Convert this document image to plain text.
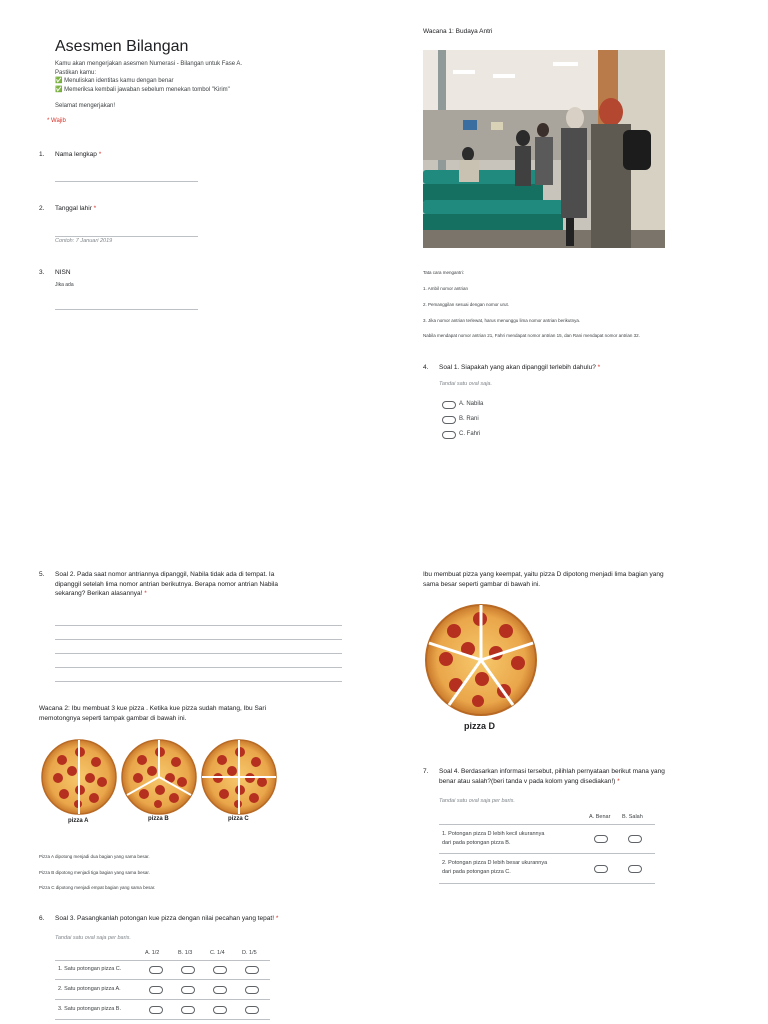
Asesmen Bilangan
Kamu akan mengerjakan asesmen Numerasi - Bilangan untuk Fase A.
Pastikan kamu:
✅ Menuliskan identitas kamu dengan benar
✅ Memeriksa kembali jawaban sebelum menekan tombol "Kirim"
Selamat mengerjakan!
* Wajib
1. Nama lengkap *
2. Tanggal lahir *
Contoh: 7 Januari 2019
3. NISN
Jika ada
Wacana 1: Budaya Antri
Tata cara mengantri:
1. Ambil nomor antrian
2. Pemanggilan sesuai dengan nomor urut.
3. Jika nomor antrian terlewat, harus menunggu lima nomor antrian berikutnya.
Nabila mendapat nomor antrian 21, Fahri mendapat nomor antrian 15, dan Rani mendapat nomor antrian 32.
4. Soal 1. Siapakah yang akan dipanggil terlebih dahulu? *
Tandai satu oval saja.
A. Nabila
B. Rani
C. Fahri
5. Soal 2. Pada saat nomor antriannya dipanggil, Nabila tidak ada di tempat. Ia
dipanggil setelah lima nomor antrian berikutnya. Berapa nomor antrian Nabila
sekarang? Berikan alasannya! *
Wacana 2: Ibu membuat 3 kue pizza . Ketika kue pizza sudah matang, Ibu Sari
memotongnya seperti tampak gambar di bawah ini.
pizza A	pizza B	pizza C
Pizza A dipotong menjadi dua bagian yang sama besar.
Pizza B dipotong menjadi tiga bagian yang sama besar.
Pizza C dipotong menjadi empat bagian yang sama besar.
6. Soal 3. Pasangkanlah potongan kue pizza dengan nilai pecahan yang tepat! *
Tandai satu oval saja per baris.
A. 1/2	B. 1/3	C. 1/4	D. 1/5
1. Satu potongan pizza C.
2. Satu potongan pizza A.
3. Satu potongan pizza B.
Ibu membuat pizza yang keempat, yaitu pizza D dipotong menjadi lima bagian yang
sama besar seperti gambar di bawah ini.
pizza D
7. Soal 4. Berdasarkan informasi tersebut, pilihlah pernyataan berikut mana yang
benar atau salah?(beri tanda v pada kolom yang disediakan!) *
Tandai satu oval saja per baris.
A. Benar B. Salah
1. Potongan pizza D lebih kecil ukurannya
dari pada potongan pizza B.
2. Potongan pizza D lebih besar ukurannya
dari pada potongan pizza C.
